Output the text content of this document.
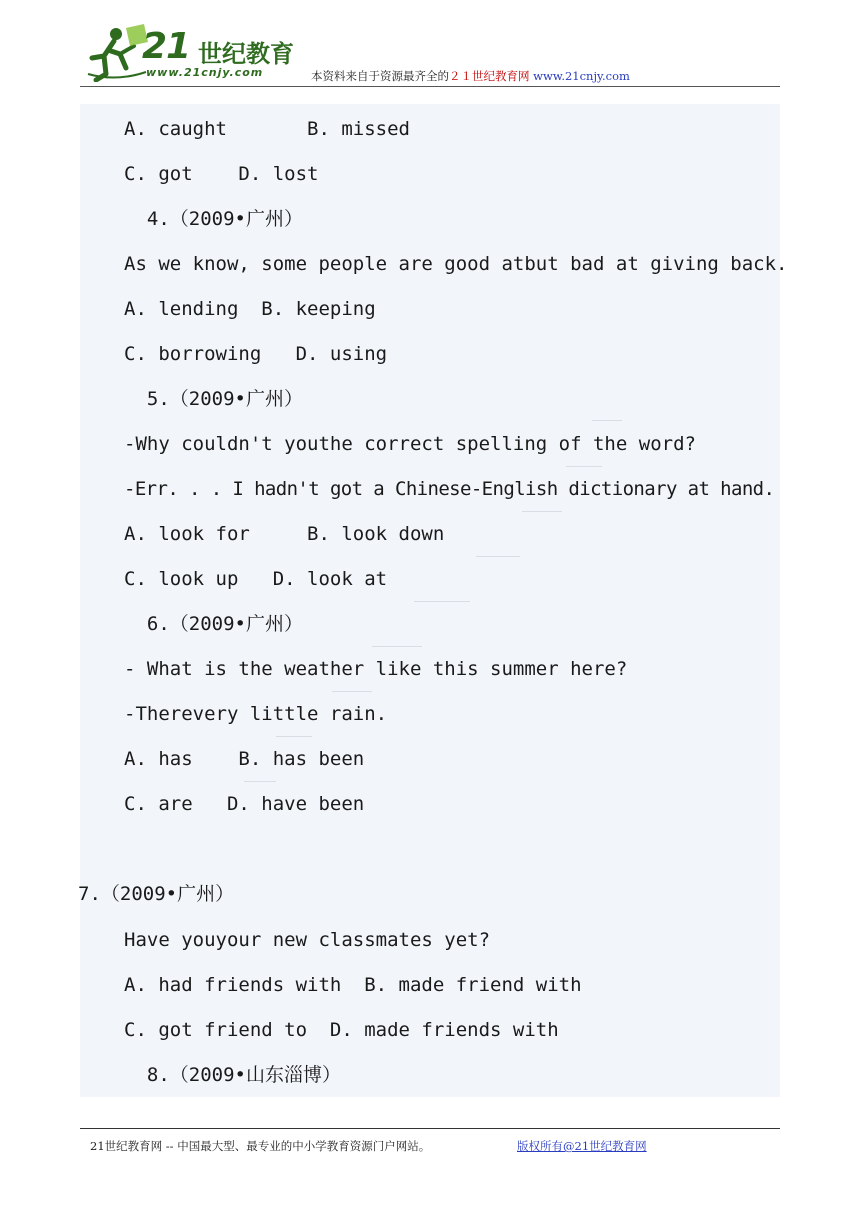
21 世纪教育
www.21cnjy.com	本资料来自于资源最齐全的２１世纪教育网 www.21cnjy.com
A. caught       B. missed
C. got    D. lost
4.（2009•广州）
As we know, some people are good atbut bad at giving back.
A. lending  B. keeping
C. borrowing   D. using
5.（2009•广州）
-Why couldn't youthe correct spelling of the word?
-Err. . . I hadn't got a Chinese-English dictionary at hand.
A. look for     B. look down
C. look up   D. look at
6.（2009•广州）
- What is the weather like this summer here?
-Therevery little rain.
A. has    B. has been
C. are   D. have been
7.（2009•广州）
Have youyour new classmates yet?
A. had friends with  B. made friend with
C. got friend to  D. made friends with
8.（2009•山东淄博）
21世纪教育网 -- 中国最大型、最专业的中小学教育资源门户网站。	版权所有@21世纪教育网
